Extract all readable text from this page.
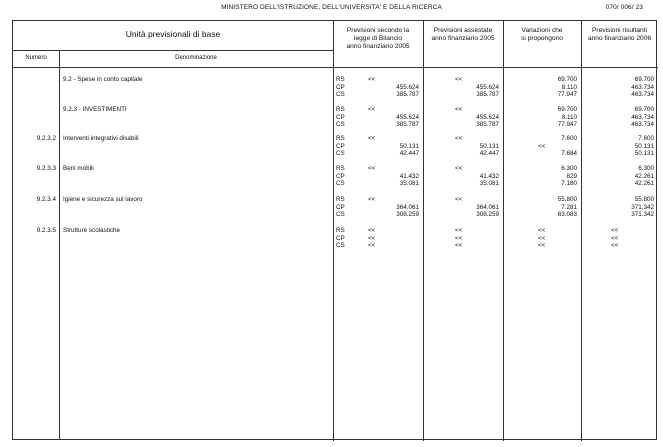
MINISTERO DELL'ISTRUZIONE, DELL'UNIVERSITA' E DELLA RICERCA	070/ 006/ 23
Unità previsionali di base
Numero	Denominazione
Previsioni secondo la
legge di Bilancio
anno finanziario 2005
Previsioni assestate
anno finanziario 2005
Variazioni che
si propongono
Previsioni risultanti
anno finanziario 2006
9.2 - Spese in conto capitale	RS	<<	<<	69.700	69.700
CP	455.624	455.624	8.110	463.734
CS	385.787	385.787	77.947	463.734
9.2.3 - INVESTIMENTI	RS	<<	<<	69.700	69.700
CP	455.624	455.624	8.110	463.734
CS	385.787	385.787	77.947	463.734
9.2.3.2 Interventi integrativi disabili	RS	<<	<<	7.600	7.600
CP	50.131	50.131	<<	50.131
CS	42.447	42.447	7.684	50.131
9.2.3.3 Beni mobili	RS	<<	<<	6.300	6.300
CP	41.432	41.432	829	42.261
CS	35.081	35.081	7.180	42.261
9.2.3.4 Igiene e sicurezza sul lavoro	RS	<<	<<	55.800	55.800
CP	364.061	364.061	7.281	371.342
CS	308.259	308.259	63.083	371.342
9.2.3.5 Strutture scolastiche	RS	<<	<<	<<	<<
CP	<<	<<	<<	<<
CS	<<	<<	<<	<<
